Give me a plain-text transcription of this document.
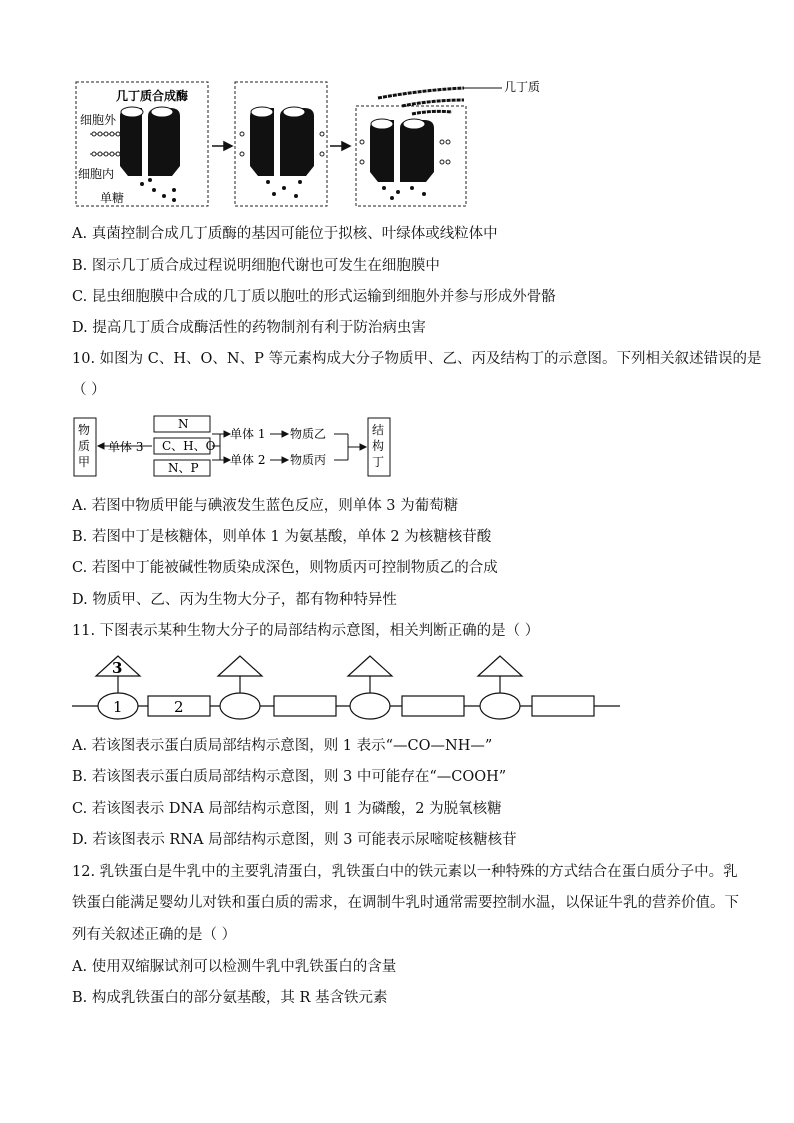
几丁质合成酶
细胞外
细胞内
单糖
几丁质
A. 真菌控制合成几丁质酶的基因可能位于拟核、叶绿体或线粒体中
B. 图示几丁质合成过程说明细胞代谢也可发生在细胞膜中
C. 昆虫细胞膜中合成的几丁质以胞吐的形式运输到细胞外并参与形成外骨骼
D. 提高几丁质合成酶活性的药物制剂有利于防治病虫害
10. 如图为 C、H、O、N、P 等元素构成大分子物质甲、乙、丙及结构丁的示意图。下列相关叙述错误的是
（ ）
物
质
甲
结
构
丁
单体 3
N
C、H、O
N、P
单体 1 物质乙
单体 2 物质丙
A. 若图中物质甲能与碘液发生蓝色反应，则单体 3 为葡萄糖
B. 若图中丁是核糖体，则单体 1 为氨基酸，单体 2 为核糖核苷酸
C. 若图中丁能被碱性物质染成深色，则物质丙可控制物质乙的合成
D. 物质甲、乙、丙为生物大分子，都有物种特异性
11. 下图表示某种生物大分子的局部结构示意图，相关判断正确的是（ ）
3
1	2
A. 若该图表示蛋白质局部结构示意图，则 1 表示“—CO—NH—”
B. 若该图表示蛋白质局部结构示意图，则 3 中可能存在“—COOH”
C. 若该图表示 DNA 局部结构示意图，则 1 为磷酸，2 为脱氧核糖
D. 若该图表示 RNA 局部结构示意图，则 3 可能表示尿嘧啶核糖核苷
12. 乳铁蛋白是牛乳中的主要乳清蛋白，乳铁蛋白中的铁元素以一种特殊的方式结合在蛋白质分子中。乳
铁蛋白能满足婴幼儿对铁和蛋白质的需求，在调制牛乳时通常需要控制水温，以保证牛乳的营养价值。下
列有关叙述正确的是（ ）
A. 使用双缩脲试剂可以检测牛乳中乳铁蛋白的含量
B. 构成乳铁蛋白的部分氨基酸，其 R 基含铁元素
